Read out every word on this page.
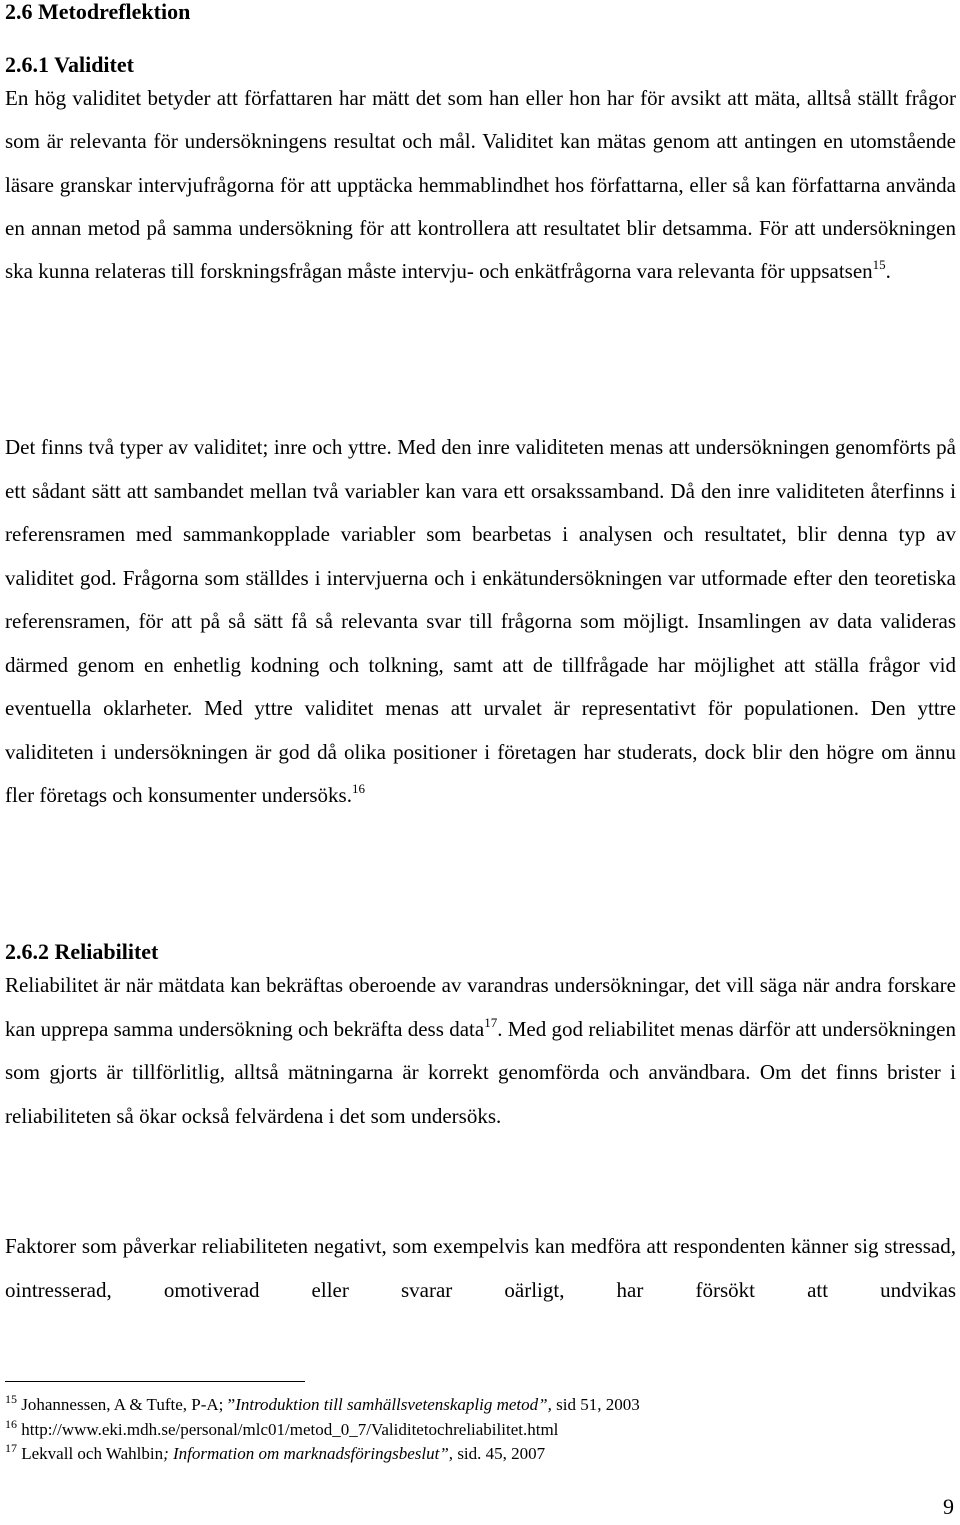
2.6 Metodreflektion
2.6.1 Validitet

En hög validitet betyder att författaren har mätt det som han eller hon har för avsikt att mäta, alltså ställt frågor som är relevanta för undersökningens resultat och mål. Validitet kan mätas genom att antingen en utomstående läsare granskar intervjufrågorna för att upptäcka hemmablindhet hos författarna, eller så kan författarna använda en annan metod på samma undersökning för att kontrollera att resultatet blir detsamma. För att undersökningen ska kunna relateras till forskningsfrågan måste intervju- och enkätfrågorna vara relevanta för uppsatsen$^{15}$.

Det finns två typer av validitet; inre och yttre. Med den inre validiteten menas att undersökningen genomförts på ett sådant sätt att sambandet mellan två variabler kan vara ett orsakssamband. Då den inre validiteten återfinns i referensramen med sammankopplade variabler som bearbetas i analysen och resultatet, blir denna typ av validitet god. Frågorna som ställdes i intervjuerna och i enkätundersökningen var utformade efter den teoretiska referensramen, för att på så sätt få så relevanta svar till frågorna som möjligt. Insamlingen av data valideras därmed genom en enhetlig kodning och tolkning, samt att de tillfrågade har möjlighet att ställa frågor vid eventuella oklarheter. Med yttre validitet menas att urvalet är representativt för populationen. Den yttre validiteten i undersökningen är god då olika positioner i företagen har studerats, dock blir den högre om ännu fler företags och konsumenter undersöks.$^{16}$

2.6.2 Reliabilitet

Reliabilitet är när mätdata kan bekräftas oberoende av varandras undersökningar, det vill säga när andra forskare kan upprepa samma undersökning och bekräfta dess data$^{17}$. Med god reliabilitet menas därför att undersökningen som gjorts är tillförlitlig, alltså mätningarna är korrekt genomförda och användbara. Om det finns brister i reliabiliteten så ökar också felvärdena i det som undersöks.

Faktorer som påverkar reliabiliteten negativt, som exempelvis kan medföra att respondenten känner sig stressad, ointresserad, omotiverad eller svarar oärligt, har försökt att undvikas

$^{15}$ Johannessen, A & Tufte, P-A; ”Introduktion till samhällsvetenskaplig metod”, sid 51, 2003
$^{16}$ http://www.eki.mdh.se/personal/mlc01/metod_0_7/Validitetochreliabilitet.html
$^{17}$ Lekvall och Wahlbin; Information om marknadsföringsbeslut”, sid. 45, 2007
9
